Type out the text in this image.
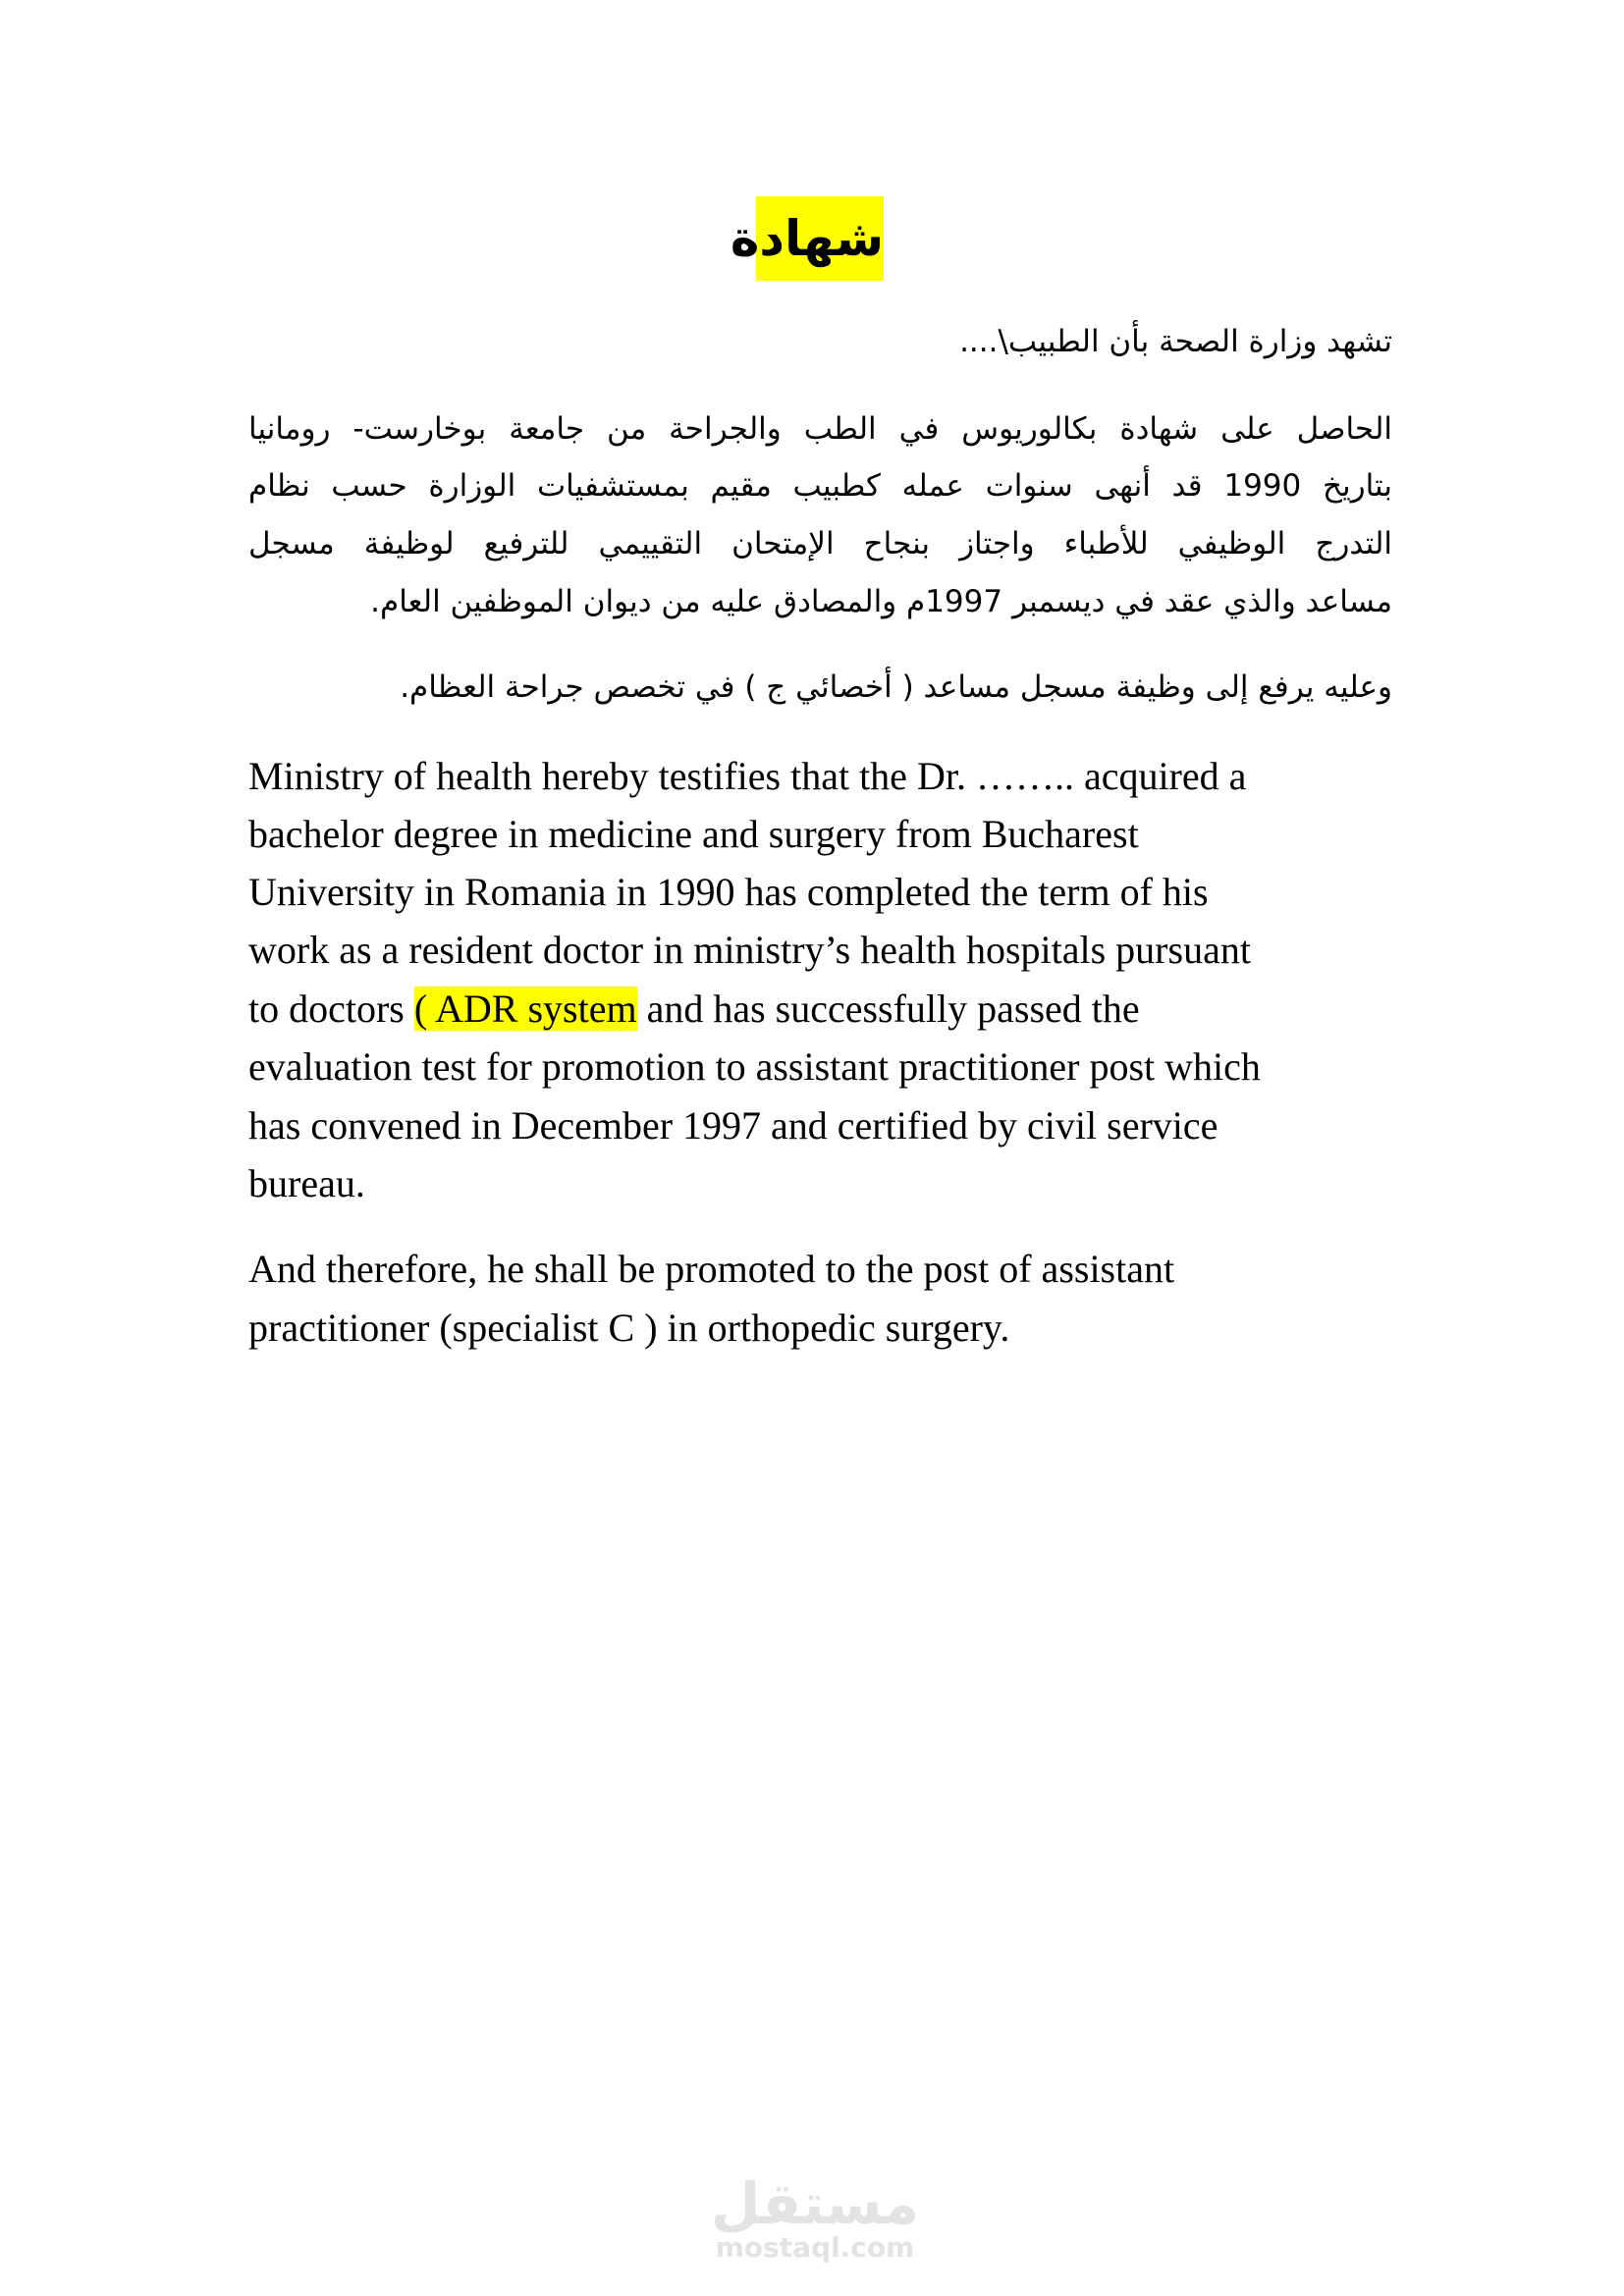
شهادة
تشهد وزارة الصحة بأن الطبيب\....
الحاصل على شهادة بكالوريوس في الطب والجراحة من جامعة بوخارست- رومانيا
بتاريخ 1990 قد أنهى سنوات عمله كطبيب مقيم بمستشفيات الوزارة حسب نظام
التدرج الوظيفي للأطباء واجتاز بنجاح الإمتحان التقييمي للترفيع لوظيفة مسجل
مساعد والذي عقد في ديسمبر 1997م والمصادق عليه من ديوان الموظفين العام.
وعليه يرفع إلى وظيفة مسجل مساعد ( أخصائي ج ) في تخصص جراحة العظام.
Ministry of health hereby testifies that the Dr. …….. acquired a
bachelor degree in medicine and surgery from Bucharest
University in Romania in 1990 has completed the term of his
work as a resident doctor in ministry’s health hospitals pursuant
to doctors ( ADR system and has successfully passed the
evaluation test for promotion to assistant practitioner post which
has convened in December 1997 and certified by civil service
bureau.
And therefore, he shall be promoted to the post of assistant
practitioner (specialist C ) in orthopedic surgery.
مستقل
mostaql.com
